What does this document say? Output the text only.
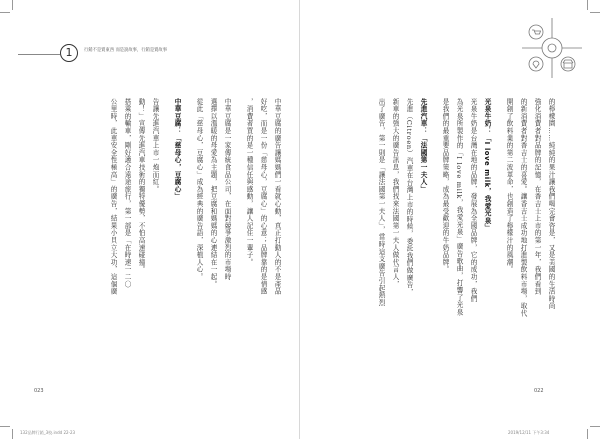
1	行銷不是賣東西 而是說故事，行銷是賣故事
中華豆腐的廣告讓媽媽們一看就心動，真正打動人的不是產品
好吃，而是一份「慈母心，豆腐心」的心意；品牌靠的是情感
，消費者買的是一種信任與感動，讓人記住一輩子。
中華豆腐是一家傳統食品公司，在面對競爭激烈的市場時
選擇以溫暖的母愛為主題，把豆腐和媽媽的心連結在一起。
從此「慈母心，豆腐心」成為經典的廣告語，深植人心。
中華豆腐：「慈母心，豆腐心」
告讓先進汽車上市一炮而紅。
動！」宣傳先進汽車技術的獨特優勢，不怕高速碰撞。
搭乘的輸車，剛好適合遠途旅行，第一部是「在時速一二〇
公里時，此車安全性極高」的廣告，結果小貝立大功，這個廣
023
的檸檬園……純純的果汁讓我們喝完會咨是，又是美國的生活時尚
強化消費者對品牌的記憶，在香吉士上市的第一年，我們看到
的新消費者對香吉士的喜愛。讓香吉士成功地打進製飲料市場，取代
開創了飲料業的第二波革命，也創造了檸檬汁的風潮。
光泉牛奶：「I love milk，我愛光泉」
光泉牛奶是台灣在地的品牌，發展為全國品牌，它的成功，我們
為光泉所製作的「I love milk，我愛光泉」廣告歌曲，打響了光泉
是我們的最重要品牌策略，成為最受歡迎的牛奶品牌。
先進汽車：「法國第一夫人」
先進（Citroen）汽車在台灣上市的時候，委託我們做廣告，
新車的強大的廣告訊息，我們找來法國第一夫人做代言人，
出了廣告，第一則是「讓法國第一夫人」，當時這支廣告引起熱烈
022
132品牌行銷_3校.indd 22-23	2019/12/11 下午3:34
